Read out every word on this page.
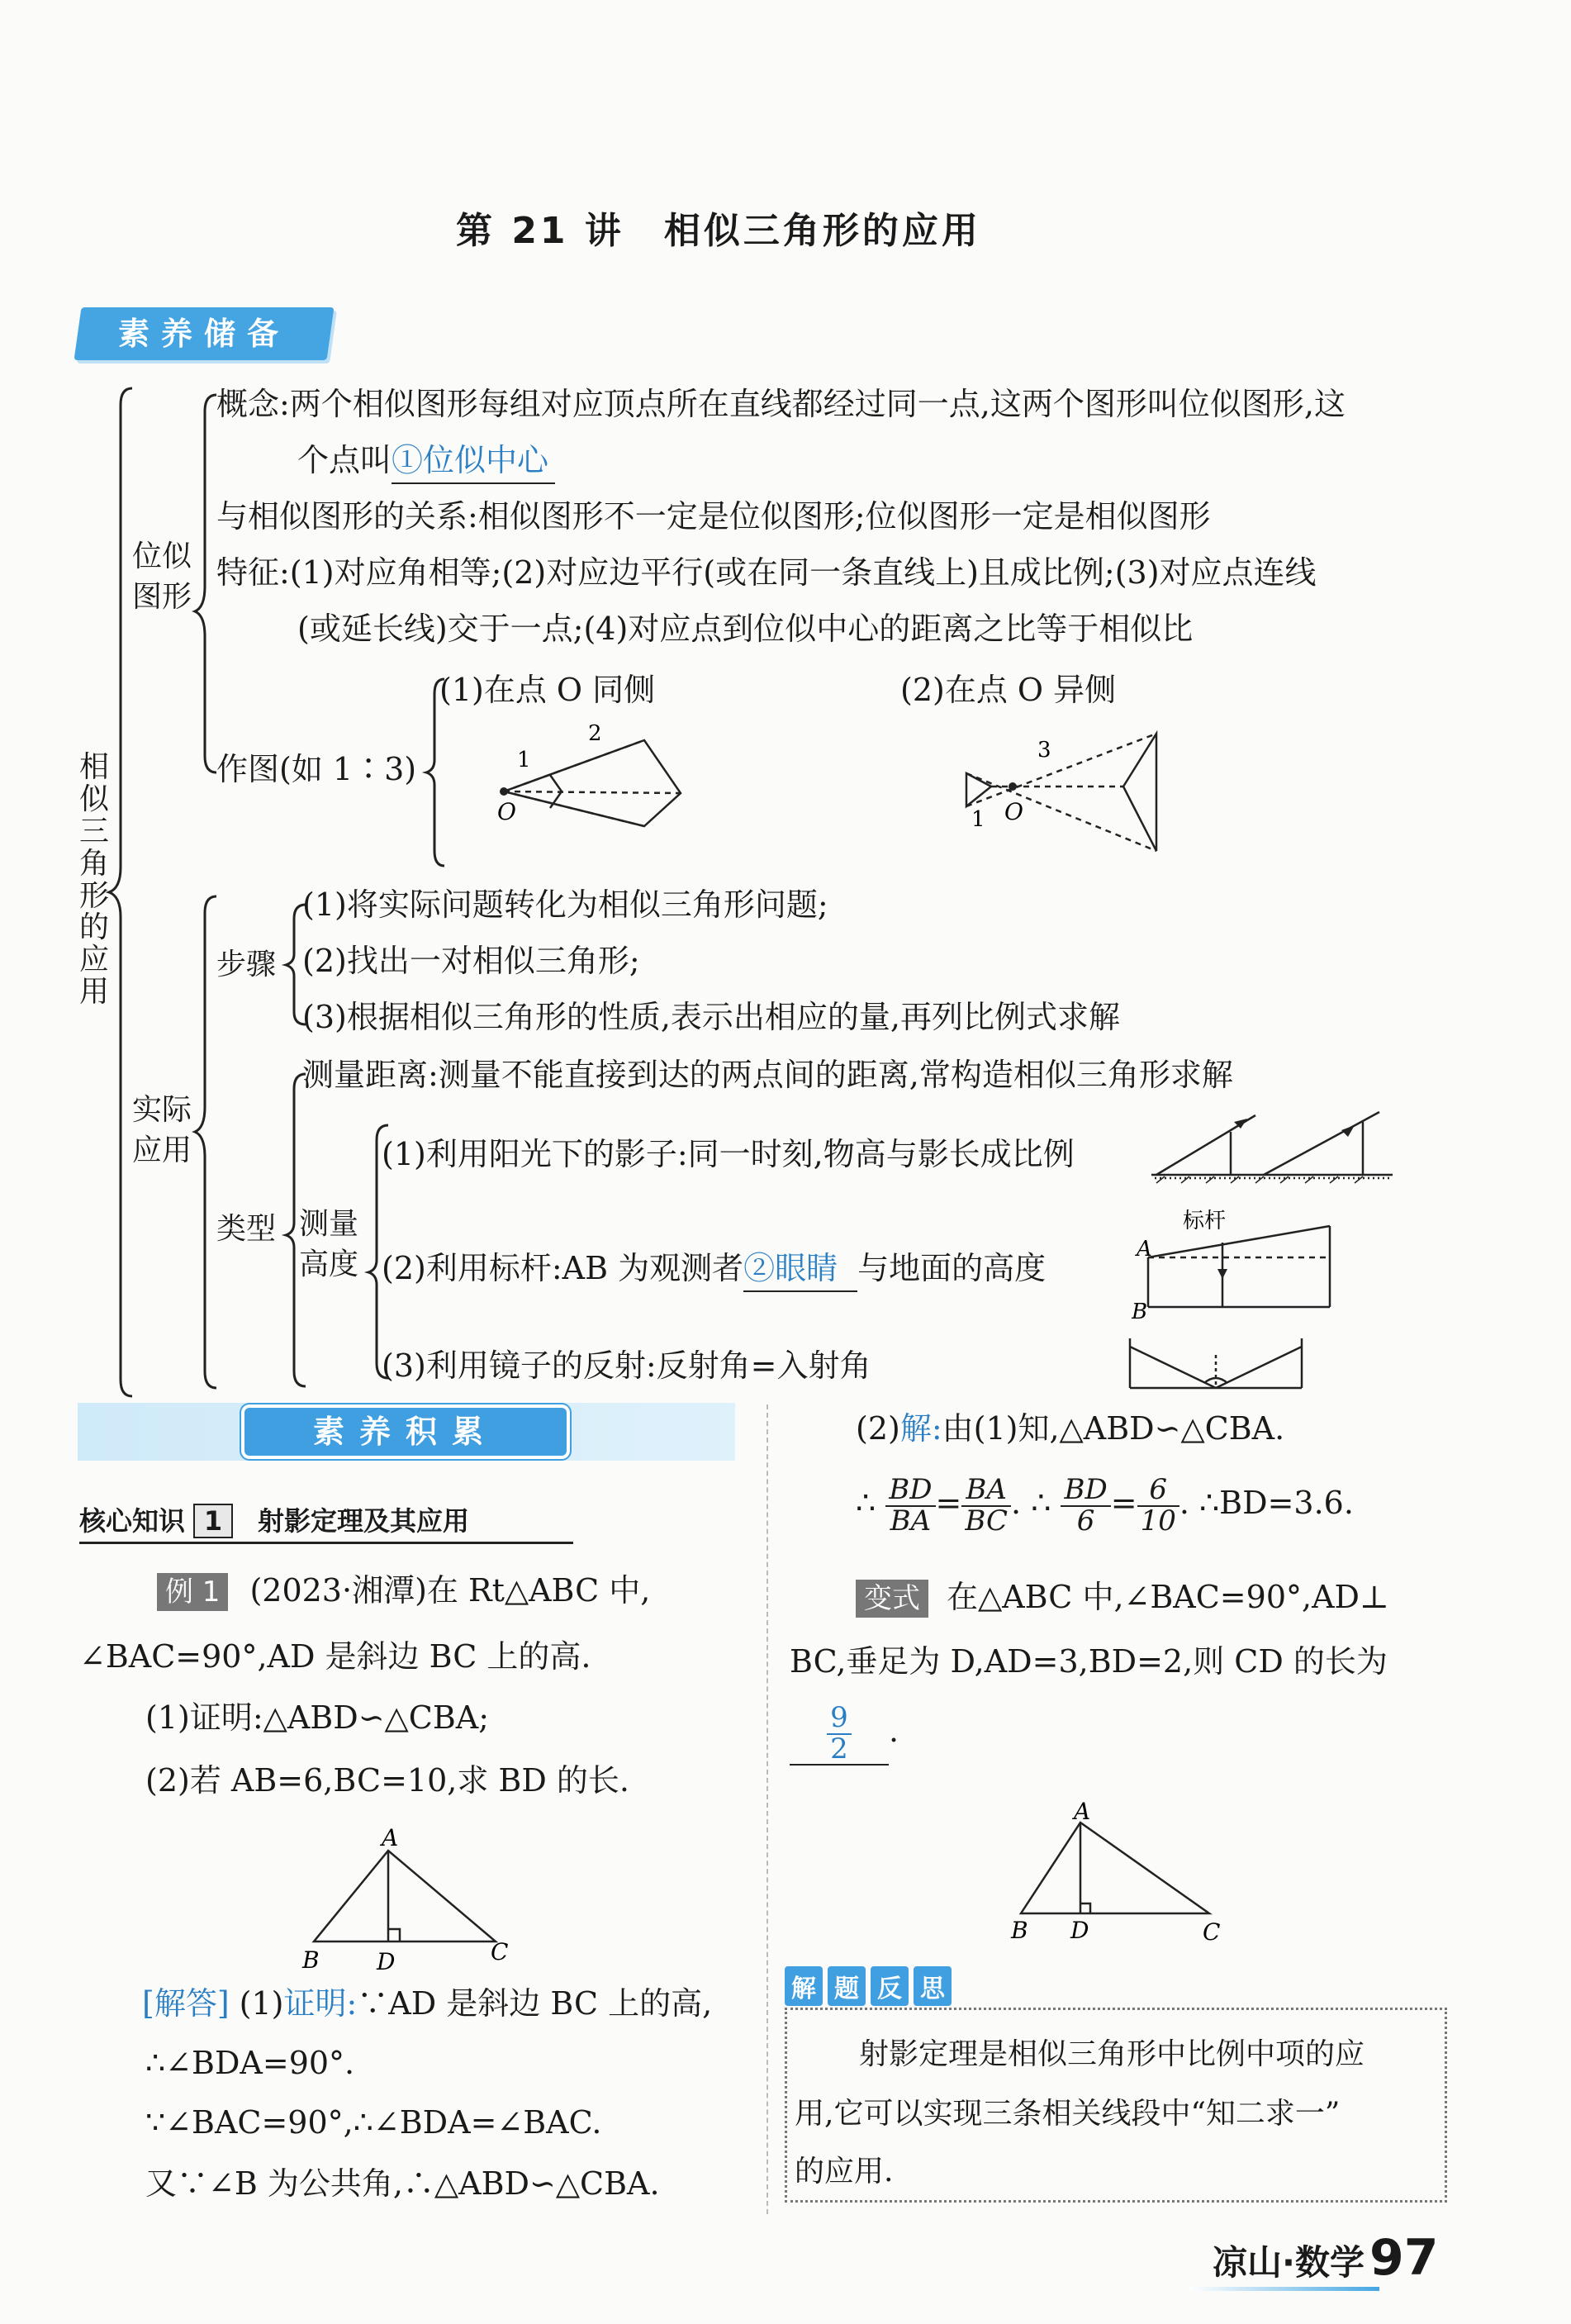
第 21 讲　相似三角形的应用
素养储备
相似三角形的应用
位似图形
概念:两个相似图形每组对应顶点所在直线都经过同一点,这两个图形叫位似图形,这
个点叫①位似中心
与相似图形的关系:相似图形不一定是位似图形;位似图形一定是相似图形
特征:(1)对应角相等;(2)对应边平行(或在同一条直线上)且成比例;(3)对应点连线
(或延长线)交于一点;(4)对应点到位似中心的距离之比等于相似比
作图(如 1∶3)
(1)在点 O 同侧	(2)在点 O 异侧
O
1
2
O
1
3
实际应用
步骤
(1)将实际问题转化为相似三角形问题;
(2)找出一对相似三角形;
(3)根据相似三角形的性质,表示出相应的量,再列比例式求解
类型
测量距离:测量不能直接到达的两点间的距离,常构造相似三角形求解
测量高度
(1)利用阳光下的影子:同一时刻,物高与影长成比例
(2)利用标杆:AB 为观测者②眼睛 与地面的高度
(3)利用镜子的反射:反射角=入射角
A
B
标杆
素养积累
核心知识 1 射影定理及其应用
例 1 (2023·湘潭)在 Rt△ABC 中,
∠BAC=90°,AD 是斜边 BC 上的高.
(1)证明:△ABD∽△CBA;
(2)若 AB=6,BC=10,求 BD 的长.
A
B D	C
[解答] (1)证明:∵AD 是斜边 BC 上的高,
∴∠BDA=90°.
∵∠BAC=90°,∴∠BDA=∠BAC.
又∵∠B 为公共角,∴△ABD∽△CBA.
(2)解:由(1)知,△ABD∽△CBA.
∴ $\frac{BD}{BA} = \frac{BA}{BC}$ . ∴ $\frac{BD}{6} = \frac{6}{10}$ . ∴BD=3.6.
变式 在△ABC 中,∠BAC=90°,AD⊥
BC,垂足为 D,AD=3,BD=2,则 CD 的长为
$\frac{9}{2}$ .
A
B D	C
解 题 反 思
射影定理是相似三角形中比例中项的应
用,它可以实现三条相关线段中“知二求一”
的应用.
凉山·数学 97
